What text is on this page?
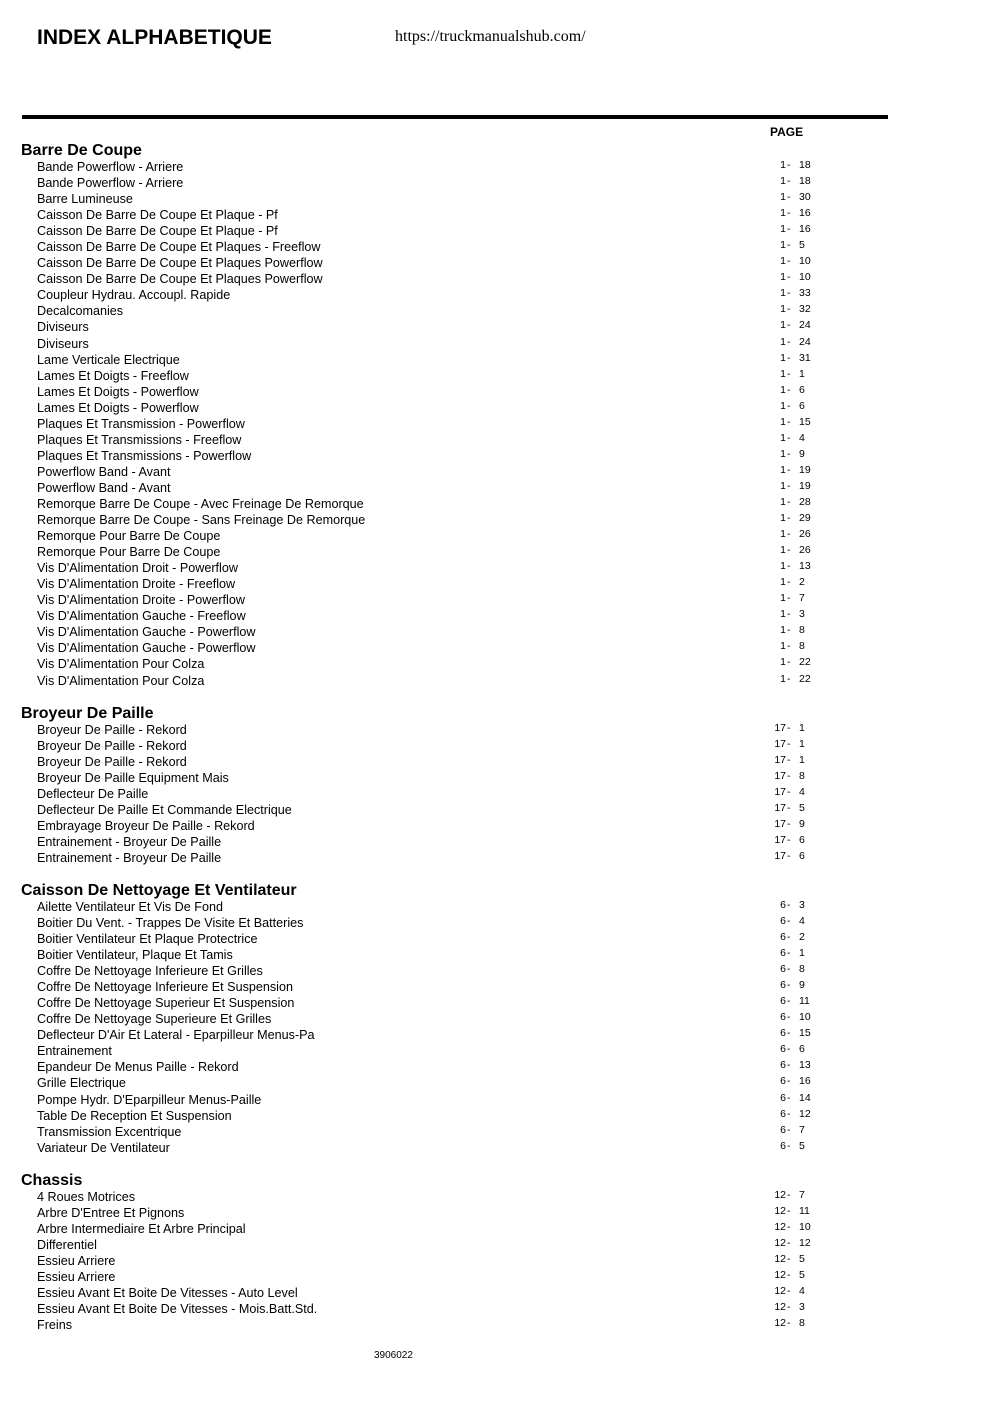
INDEX ALPHABETIQUE	https://truckmanualshub.com/
PAGE
Barre De Coupe
Bande Powerflow - Arriere	1 - 18
Bande Powerflow - Arriere	1 - 18
Barre Lumineuse	1 - 30
Caisson De Barre De Coupe Et Plaque - Pf	1 - 16
Caisson De Barre De Coupe Et Plaque - Pf	1 - 16
Caisson De Barre De Coupe Et Plaques - Freeflow	1 - 5
Caisson De Barre De Coupe Et Plaques Powerflow	1 - 10
Caisson De Barre De Coupe Et Plaques Powerflow	1 - 10
Coupleur Hydrau. Accoupl. Rapide	1 - 33
Decalcomanies	1 - 32
Diviseurs	1 - 24
Diviseurs	1 - 24
Lame Verticale Electrique	1 - 31
Lames Et Doigts - Freeflow	1 - 1
Lames Et Doigts - Powerflow	1 - 6
Lames Et Doigts - Powerflow	1 - 6
Plaques Et Transmission - Powerflow	1 - 15
Plaques Et Transmissions - Freeflow	1 - 4
Plaques Et Transmissions - Powerflow	1 - 9
Powerflow Band - Avant	1 - 19
Powerflow Band - Avant	1 - 19
Remorque Barre De Coupe - Avec Freinage De Remorque	1 - 28
Remorque Barre De Coupe - Sans Freinage De Remorque	1 - 29
Remorque Pour Barre De Coupe	1 - 26
Remorque Pour Barre De Coupe	1 - 26
Vis D'Alimentation Droit - Powerflow	1 - 13
Vis D'Alimentation Droite - Freeflow	1 - 2
Vis D'Alimentation Droite - Powerflow	1 - 7
Vis D'Alimentation Gauche - Freeflow	1 - 3
Vis D'Alimentation Gauche - Powerflow	1 - 8
Vis D'Alimentation Gauche - Powerflow	1 - 8
Vis D'Alimentation Pour Colza	1 - 22
Vis D'Alimentation Pour Colza	1 - 22
Broyeur De Paille
Broyeur De Paille - Rekord	17 - 1
Broyeur De Paille - Rekord	17 - 1
Broyeur De Paille - Rekord	17 - 1
Broyeur De Paille Equipment Mais	17 - 8
Deflecteur De Paille	17 - 4
Deflecteur De Paille Et Commande Electrique	17 - 5
Embrayage Broyeur De Paille - Rekord	17 - 9
Entrainement - Broyeur De Paille	17 - 6
Entrainement - Broyeur De Paille	17 - 6
Caisson De Nettoyage Et Ventilateur
Ailette Ventilateur Et Vis De Fond	6 - 3
Boitier Du Vent. - Trappes De Visite Et Batteries	6 - 4
Boitier Ventilateur Et Plaque Protectrice	6 - 2
Boitier Ventilateur, Plaque Et Tamis	6 - 1
Coffre De Nettoyage Inferieure Et Grilles	6 - 8
Coffre De Nettoyage Inferieure Et Suspension	6 - 9
Coffre De Nettoyage Superieur Et Suspension	6 - 11
Coffre De Nettoyage Superieure Et Grilles	6 - 10
Deflecteur D'Air Et Lateral - Eparpilleur Menus-Pa	6 - 15
Entrainement	6 - 6
Epandeur De Menus Paille - Rekord	6 - 13
Grille Electrique	6 - 16
Pompe Hydr. D'Eparpilleur Menus-Paille	6 - 14
Table De Reception Et Suspension	6 - 12
Transmission Excentrique	6 - 7
Variateur De Ventilateur	6 - 5
Chassis
4 Roues Motrices	12 - 7
Arbre D'Entree Et Pignons	12 - 11
Arbre Intermediaire Et Arbre Principal	12 - 10
Differentiel	12 - 12
Essieu Arriere	12 - 5
Essieu Arriere	12 - 5
Essieu Avant Et Boite De Vitesses - Auto Level	12 - 4
Essieu Avant Et Boite De Vitesses - Mois.Batt.Std.	12 - 3
Freins	12 - 8
3906022
